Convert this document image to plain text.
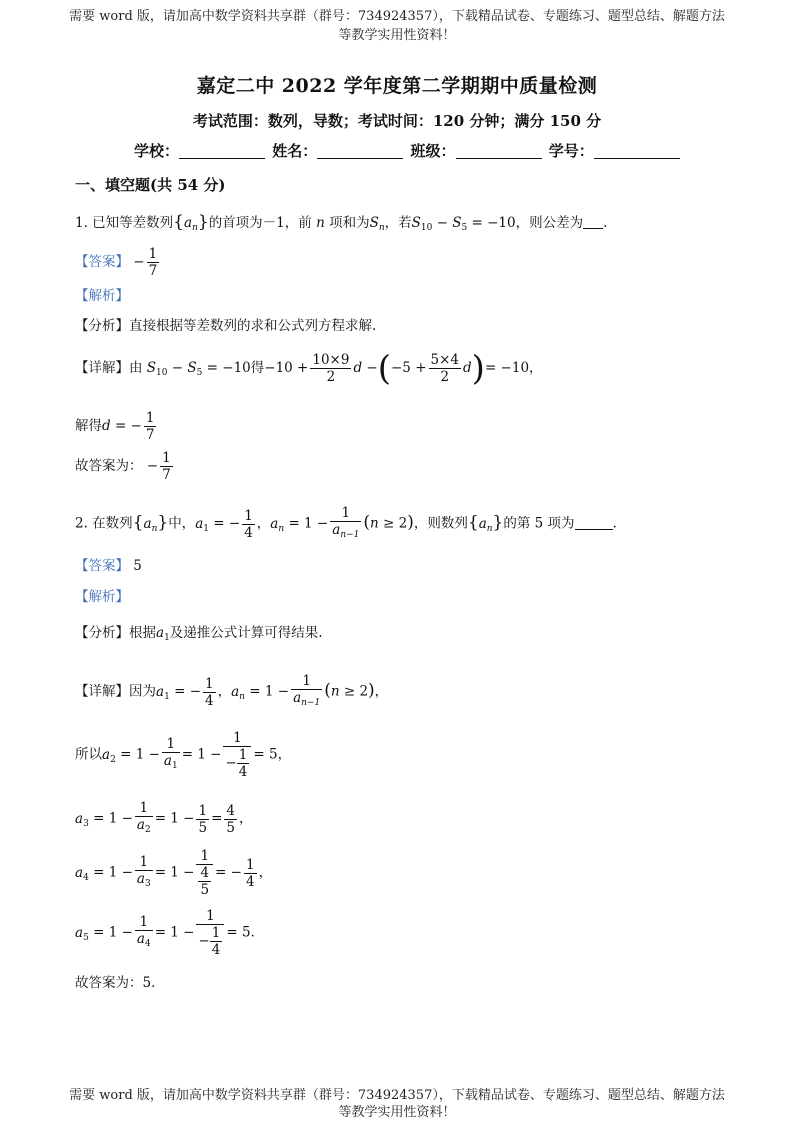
需要 word 版，请加高中数学资料共享群（群号：734924357），下载精品试卷、专题练习、题型总结、解题方法
等教学实用性资料！
嘉定二中 2022 学年度第二学期期中质量检测
考试范围：数列，导数；考试时间：120 分钟；满分 150 分
学校：	姓名：	班级：	学号：
一、填空题(共 54 分)
1. 已知等差数列$\{a_n\}$的首项为－1，前 n 项和为$S_n$，若$S_{10} - S_5 = -10$，则公差为 .
【答案】 − $\frac{1}{7}$
【解析】
【分析】直接根据等差数列的求和公式列方程求解.
【详解】由 $S_{10} - S_5 = -10$得$-10 + \frac{10\times 9}{2}$ $d -(-5 + \frac{5\times 4}{2} d)= -10$，
解得d = − $\frac{1}{7}$
故答案为： − $\frac{1}{7}$
2. 在数列$\{a_n\}$中，$a_1$ = − $\frac{1}{4}$ ，$a_n = 1 - \frac{1}{a_{n-1}} (n \ge 2)$，则数列$\{a_n\}$的第 5 项为	.
【答案】 5
【解析】
【分析】根据$a_1$及递推公式计算可得结果.
【详解】因为$a_1$ = − $\frac{1}{4}$ ，$a_n = 1 - \frac{1}{a_{n-1}} (n \ge 2)$，
所以$a_2 = 1 - \frac{1}{a_1} = 1 - \frac{1}{- \frac{1}{4}} = 5$，
$a_3 = 1 - \frac{1}{a_2} = 1 - \frac{1}{5} = \frac{4}{5}$ ，
$a_4 = 1 - \frac{1}{a_3} = 1 - \frac{1}{\frac{4}{5}}$ = − $\frac{1}{4}$ ，
$a_5 = 1 - \frac{1}{a_4} = 1 - \frac{1}{- \frac{1}{4}} = 5$．
故答案为：5．
需要 word 版，请加高中数学资料共享群（群号：734924357），下载精品试卷、专题练习、题型总结、解题方法
等教学实用性资料！
